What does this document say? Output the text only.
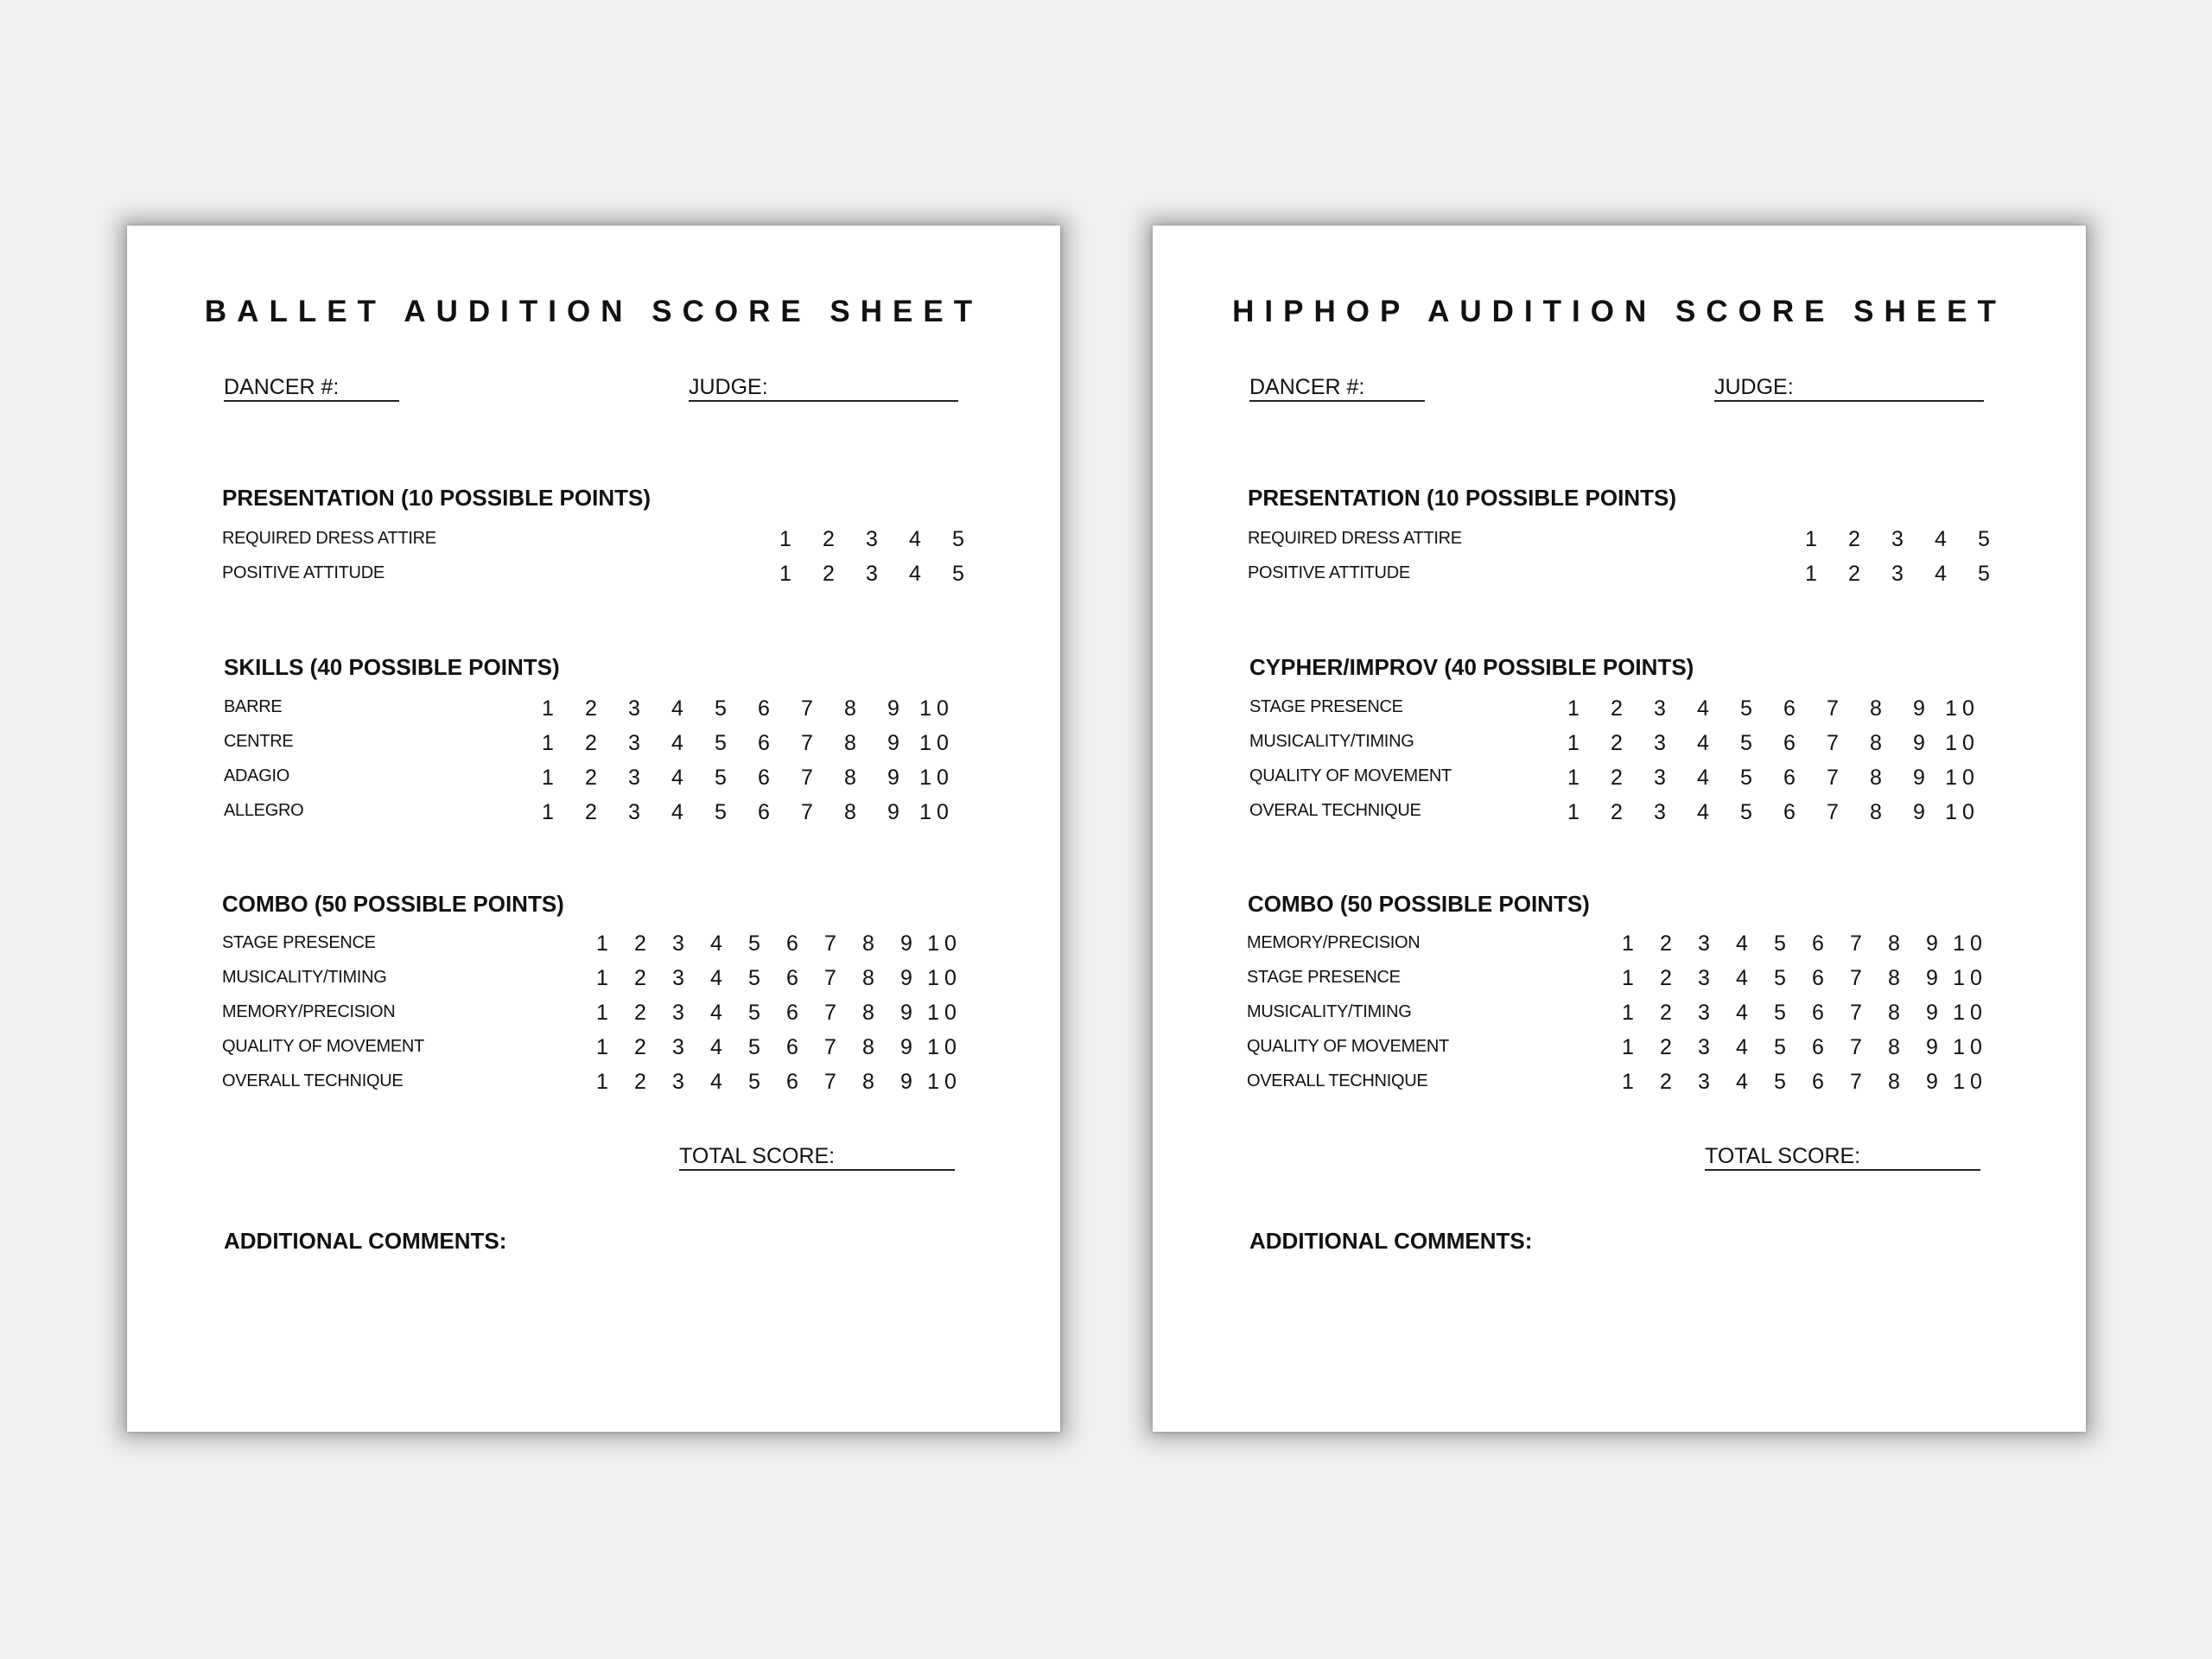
BALLET AUDITION SCORE SHEET
DANCER #:	JUDGE:
PRESENTATION (10 POSSIBLE POINTS)
REQUIRED DRESS ATTIRE	1	2	3	4	5
POSITIVE ATTITUDE	1	2	3	4	5
SKILLS (40 POSSIBLE POINTS)
BARRE	1	2	3	4	5	6	7	8	9 10
CENTRE	1	2	3	4	5	6	7	8	9 10
ADAGIO	1	2	3	4	5	6	7	8	9 10
ALLEGRO	1	2	3	4	5	6	7	8	9 10
COMBO (50 POSSIBLE POINTS)
STAGE PRESENCE	1	2	3	4	5	6	7	8	9 10
MUSICALITY/TIMING	1	2	3	4	5	6	7	8	9 10
MEMORY/PRECISION	1	2	3	4	5	6	7	8	9 10
QUALITY OF MOVEMENT	1	2	3	4	5	6	7	8	9 10
OVERALL TECHNIQUE	1	2	3	4	5	6	7	8	9 10
TOTAL SCORE:
ADDITIONAL COMMENTS:
HIPHOP AUDITION SCORE SHEET
DANCER #:	JUDGE:
PRESENTATION (10 POSSIBLE POINTS)
REQUIRED DRESS ATTIRE	1	2	3	4	5
POSITIVE ATTITUDE	1	2	3	4	5
CYPHER/IMPROV (40 POSSIBLE POINTS)
STAGE PRESENCE	1	2	3	4	5	6	7	8	9 10
MUSICALITY/TIMING	1	2	3	4	5	6	7	8	9 10
QUALITY OF MOVEMENT	1	2	3	4	5	6	7	8	9 10
OVERAL TECHNIQUE	1	2	3	4	5	6	7	8	9 10
COMBO (50 POSSIBLE POINTS)
MEMORY/PRECISION	1	2	3	4	5	6	7	8	9 10
STAGE PRESENCE	1	2	3	4	5	6	7	8	9 10
MUSICALITY/TIMING	1	2	3	4	5	6	7	8	9 10
QUALITY OF MOVEMENT	1	2	3	4	5	6	7	8	9 10
OVERALL TECHNIQUE	1	2	3	4	5	6	7	8	9 10
TOTAL SCORE:
ADDITIONAL COMMENTS:
